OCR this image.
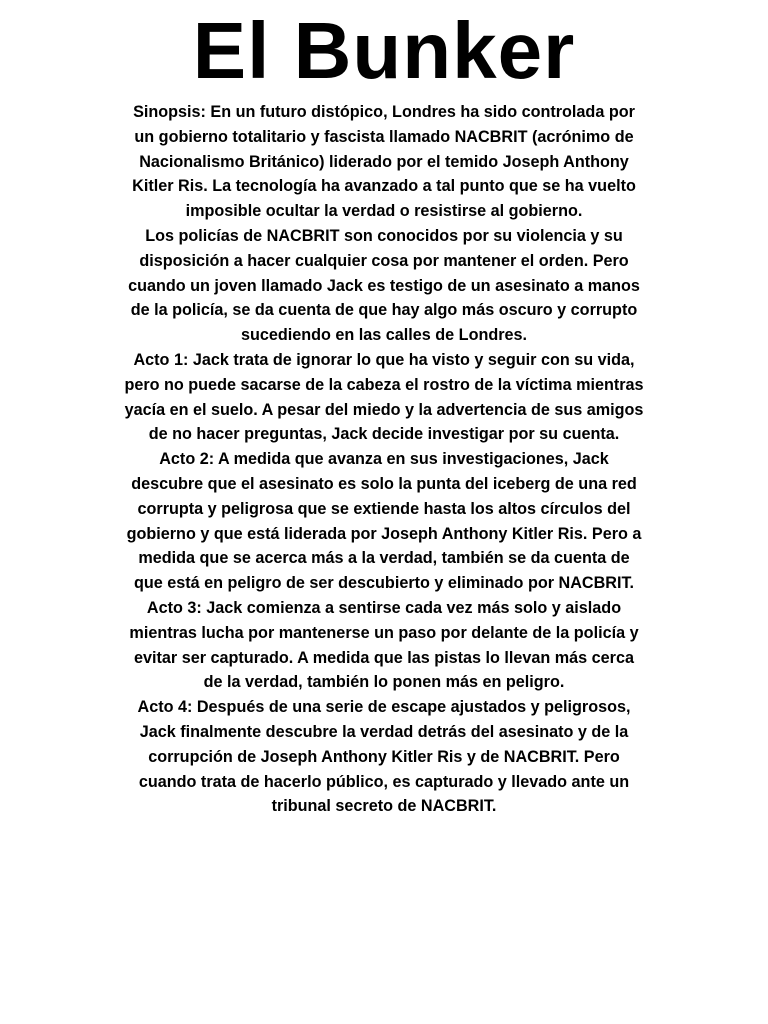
El Bunker

Sinopsis: En un futuro distópico, Londres ha sido controlada por un gobierno totalitario y fascista llamado NACBRIT (acrónimo de Nacionalismo Británico) liderado por el temido Joseph Anthony Kitler Ris. La tecnología ha avanzado a tal punto que se ha vuelto imposible ocultar la verdad o resistirse al gobierno.

Los policías de NACBRIT son conocidos por su violencia y su disposición a hacer cualquier cosa por mantener el orden. Pero cuando un joven llamado Jack es testigo de un asesinato a manos de la policía, se da cuenta de que hay algo más oscuro y corrupto sucediendo en las calles de Londres.

Acto 1: Jack trata de ignorar lo que ha visto y seguir con su vida, pero no puede sacarse de la cabeza el rostro de la víctima mientras yacía en el suelo. A pesar del miedo y la advertencia de sus amigos de no hacer preguntas, Jack decide investigar por su cuenta.

Acto 2: A medida que avanza en sus investigaciones, Jack descubre que el asesinato es solo la punta del iceberg de una red corrupta y peligrosa que se extiende hasta los altos círculos del gobierno y que está liderada por Joseph Anthony Kitler Ris. Pero a medida que se acerca más a la verdad, también se da cuenta de que está en peligro de ser descubierto y eliminado por NACBRIT.

Acto 3: Jack comienza a sentirse cada vez más solo y aislado mientras lucha por mantenerse un paso por delante de la policía y evitar ser capturado. A medida que las pistas lo llevan más cerca de la verdad, también lo ponen más en peligro.

Acto 4: Después de una serie de escape ajustados y peligrosos, Jack finalmente descubre la verdad detrás del asesinato y de la corrupción de Joseph Anthony Kitler Ris y de NACBRIT. Pero cuando trata de hacerlo público, es capturado y llevado ante un tribunal secreto de NACBRIT.
